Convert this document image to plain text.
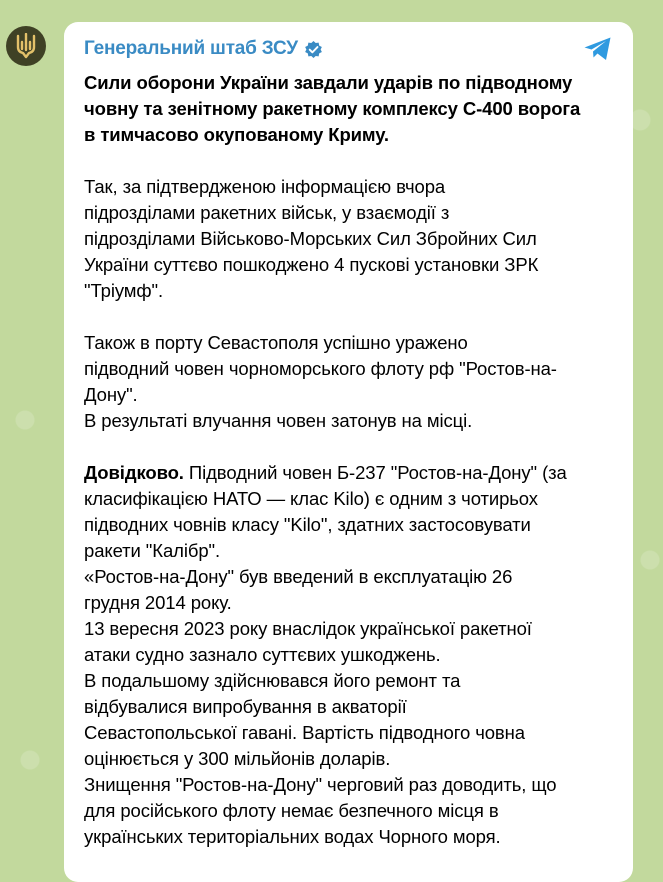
Генеральний штаб ЗСУ

Сили оборони України завдали ударів по підводному
човну та зенітному ракетному комплексу С-400 ворога
в тимчасово окупованому Криму.

Так, за підтвердженою інформацією вчора
підрозділами ракетних військ, у взаємодії з
підрозділами Військово-Морських Сил Збройних Сил
України суттєво пошкоджено 4 пускові установки ЗРК
"Тріумф".

Також в порту Севастополя успішно уражено
підводний човен чорноморського флоту рф "Ростов-на-
Дону".
В результаті влучання човен затонув на місці.

Довідково. Підводний човен Б-237 "Ростов-на-Дону" (за
класифікацією НАТО — клас Kilo) є одним з чотирьох
підводних човнів класу "Kilo", здатних застосовувати
ракети "Калібр".
«Ростов-на-Дону" був введений в експлуатацію 26
грудня 2014 року.
13 вересня 2023 року внаслідок української ракетної
атаки судно зазнало суттєвих ушкоджень.
В подальшому здійснювався його ремонт та
відбувалися випробування в акваторії
Севастопольської гавані. Вартість підводного човна
оцінюється у 300 мільйонів доларів.
Знищення "Ростов-на-Дону" черговий раз доводить, що
для російського флоту немає безпечного місця в
українських територіальних водах Чорного моря.
